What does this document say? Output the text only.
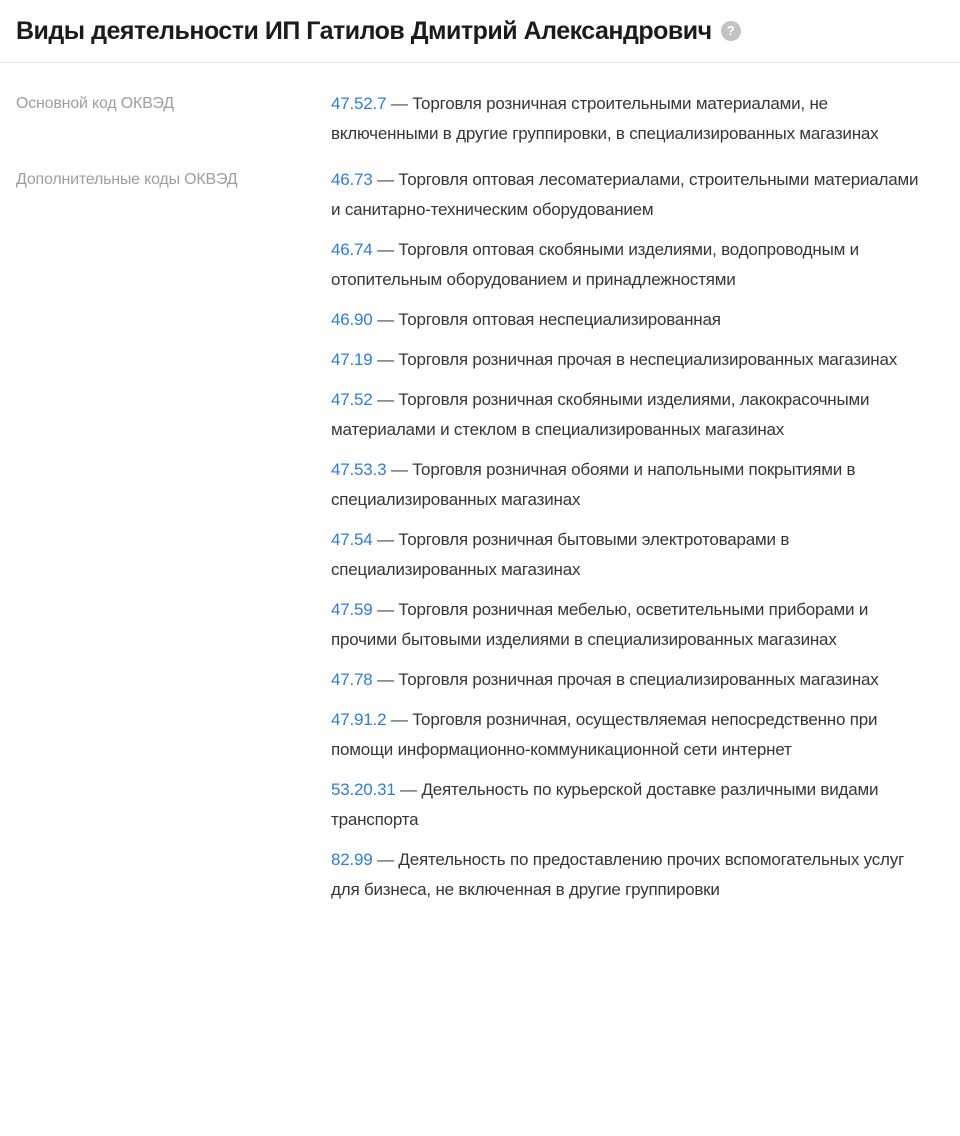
Виды деятельности ИП Гатилов Дмитрий Александрович	?
Основной код ОКВЭД	47.52.7 — Торговля розничная строительными материалами, не включенными в другие группировки, в специализированных магазинах
Дополнительные коды ОКВЭД	46.73 — Торговля оптовая лесоматериалами, строительными материалами и санитарно-техническим оборудованием
46.74 — Торговля оптовая скобяными изделиями, водопроводным и отопительным оборудованием и принадлежностями
46.90 — Торговля оптовая неспециализированная
47.19 — Торговля розничная прочая в неспециализированных магазинах
47.52 — Торговля розничная скобяными изделиями, лакокрасочными материалами и стеклом в специализированных магазинах
47.53.3 — Торговля розничная обоями и напольными покрытиями в специализированных магазинах
47.54 — Торговля розничная бытовыми электротоварами в специализированных магазинах
47.59 — Торговля розничная мебелью, осветительными приборами и прочими бытовыми изделиями в специализированных магазинах
47.78 — Торговля розничная прочая в специализированных магазинах
47.91.2 — Торговля розничная, осуществляемая непосредственно при помощи информационно-коммуникационной сети интернет
53.20.31 — Деятельность по курьерской доставке различными видами транспорта
82.99 — Деятельность по предоставлению прочих вспомогательных услуг для бизнеса, не включенная в другие группировки
